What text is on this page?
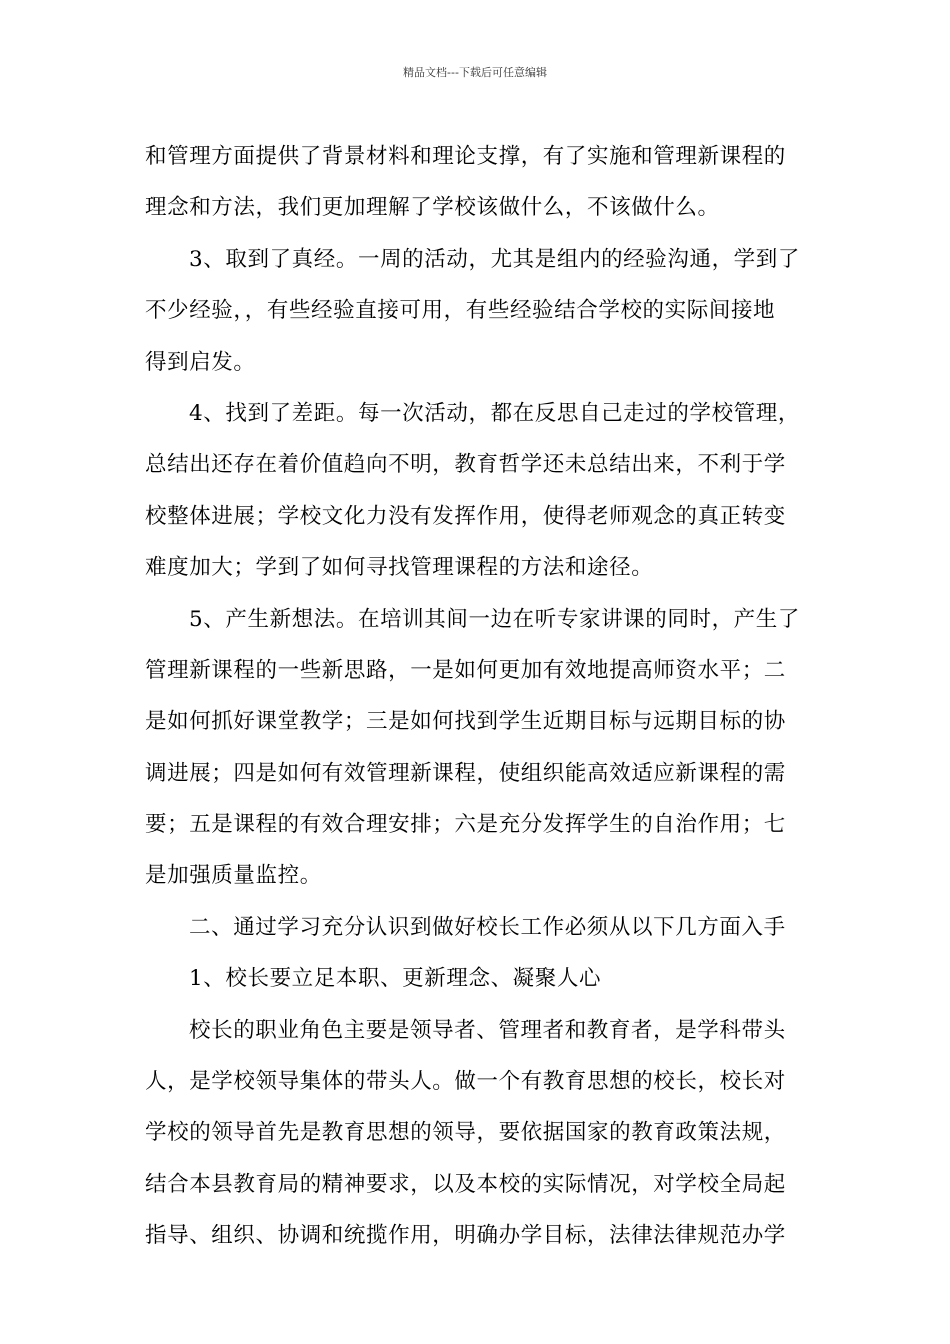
精品文档---下载后可任意编辑
和管理方面提供了背景材料和理论支撑，有了实施和管理新课程的
理念和方法，我们更加理解了学校该做什么，不该做什么。
3、取到了真经。一周的活动，尤其是组内的经验沟通，学到了
不少经验，，有些经验直接可用，有些经验结合学校的实际间接地
得到启发。
4、找到了差距。每一次活动，都在反思自己走过的学校管理，
总结出还存在着价值趋向不明，教育哲学还未总结出来，不利于学
校整体进展；学校文化力没有发挥作用，使得老师观念的真正转变
难度加大；学到了如何寻找管理课程的方法和途径。
5、产生新想法。在培训其间一边在听专家讲课的同时，产生了
管理新课程的一些新思路，一是如何更加有效地提高师资水平；二
是如何抓好课堂教学；三是如何找到学生近期目标与远期目标的协
调进展；四是如何有效管理新课程，使组织能高效适应新课程的需
要；五是课程的有效合理安排；六是充分发挥学生的自治作用；七
是加强质量监控。
二、通过学习充分认识到做好校长工作必须从以下几方面入手
1、校长要立足本职、更新理念、凝聚人心
校长的职业角色主要是领导者、管理者和教育者，是学科带头
人，是学校领导集体的带头人。做一个有教育思想的校长，校长对
学校的领导首先是教育思想的领导，要依据国家的教育政策法规，
结合本县教育局的精神要求，以及本校的实际情况，对学校全局起
指导、组织、协调和统揽作用，明确办学目标，法律法律规范办学
